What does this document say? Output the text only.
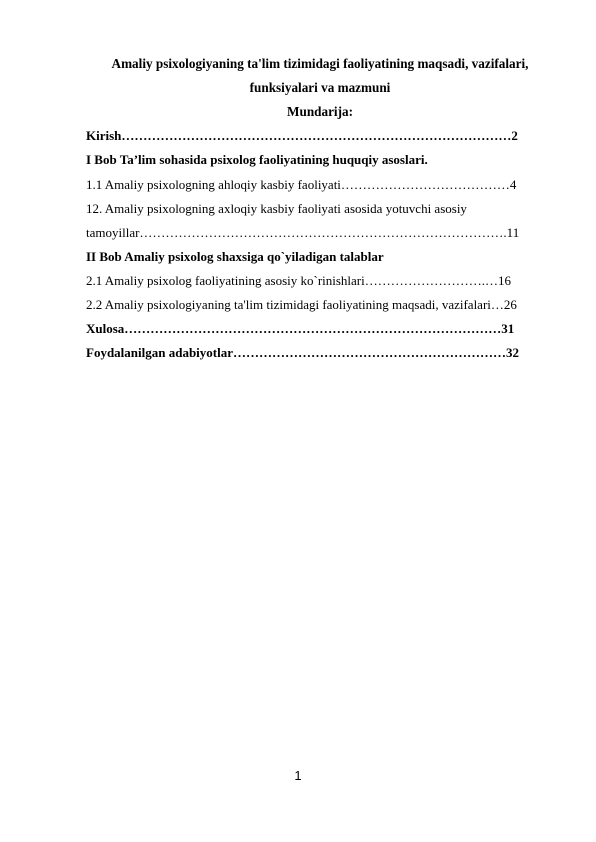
Amaliy psixologiyaning ta'lim tizimidagi faoliyatining maqsadi, vazifalari,
funksiyalari va mazmuni
Mundarija:
Kirish………………………………………………………………………………2
I Bob Ta’lim sohasida psixolog faoliyatining huquqiy asoslari.
1.1 Amaliy psixologning ahloqiy kasbiy faoliyati…………………………………4
12. Amaliy psixologning axloqiy kasbiy faoliyati asosida yotuvchi asosiy
tamoyillar………………………………………………………………………….11
II Bob Amaliy psixolog shaxsiga qo`yiladigan talablar
2.1 Amaliy psixolog faoliyatining asosiy ko`rinishlari……………………….…16
2.2 Amaliy psixologiyaning ta'lim tizimidagi faoliyatining maqsadi, vazifalari…26
Xulosa……………………………………………………………………………31
Foydalanilgan adabiyotlar………………………………………………………32
1
